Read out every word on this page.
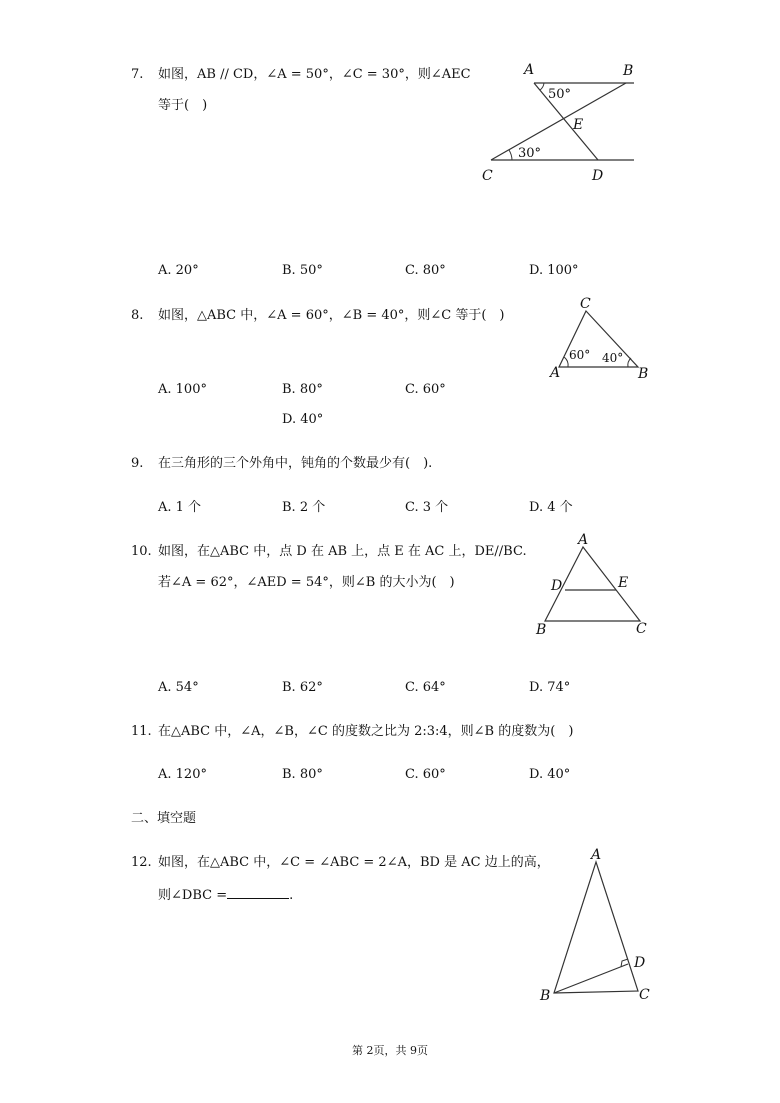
7. 如图，AB // CD，∠A = 50°，∠C = 30°，则∠AEC
等于(　)
A	B
E
C	D
50°
30°
A. 20°	B. 50°	C. 80°	D. 100°
8. 如图，△ABC 中，∠A = 60°，∠B = 40°，则∠C 等于(　)
C
A	B
60° 40°
A. 100°	B. 80°	C. 60°
D. 40°
9. 在三角形的三个外角中，钝角的个数最少有(　).
A. 1 个	B. 2 个	C. 3 个	D. 4 个
10. 如图，在△ABC 中，点 D 在 AB 上，点 E 在 AC 上，DE//BC.
若∠A = 62°，∠AED = 54°，则∠B 的大小为(　)
A
D	E
B	C
A. 54°	B. 62°	C. 64°	D. 74°
11. 在△ABC 中，∠A，∠B，∠C 的度数之比为 2:3:4，则∠B 的度数为(　)
A. 120°	B. 80°	C. 60°	D. 40°
二、填空题
12. 如图，在△ABC 中，∠C = ∠ABC = 2∠A，BD 是 AC 边上的高，
则∠DBC =	.
A
D
B	C
第 2页，共 9页
